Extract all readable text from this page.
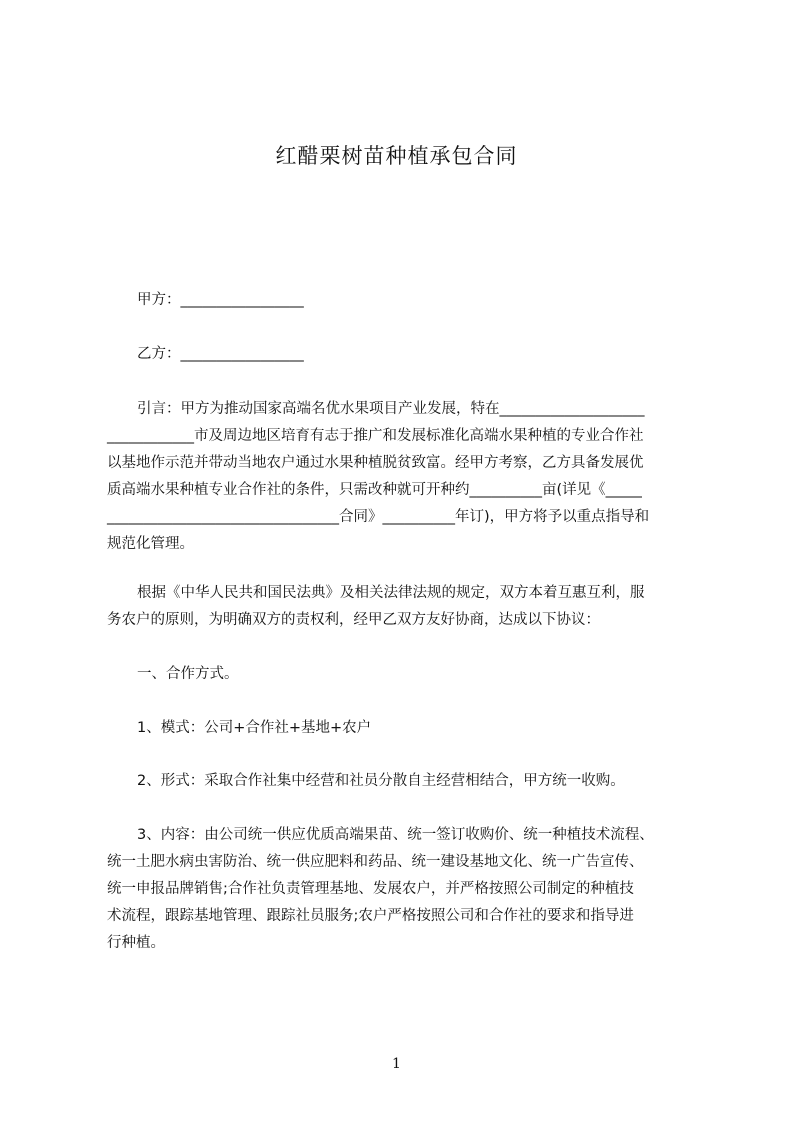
红醋栗树苗种植承包合同
甲方：_________________
乙方：_________________
引言：甲方为推动国家高端名优水果项目产业发展，特在____________________
____________市及周边地区培育有志于推广和发展标准化高端水果种植的专业合作社
以基地作示范并带动当地农户通过水果种植脱贫致富。经甲方考察，乙方具备发展优
质高端水果种植专业合作社的条件，只需改种就可开种约__________亩(详见《_____
________________________________合同》__________年订)，甲方将予以重点指导和
规范化管理。
根据《中华人民共和国民法典》及相关法律法规的规定，双方本着互惠互利，服
务农户的原则，为明确双方的责权利，经甲乙双方友好协商，达成以下协议：
一、合作方式。
1、模式：公司+合作社+基地+农户
2、形式：采取合作社集中经营和社员分散自主经营相结合，甲方统一收购。
3、内容：由公司统一供应优质高端果苗、统一签订收购价、统一种植技术流程、
统一土肥水病虫害防治、统一供应肥料和药品、统一建设基地文化、统一广告宣传、
统一申报品牌销售;合作社负责管理基地、发展农户，并严格按照公司制定的种植技
术流程，跟踪基地管理、跟踪社员服务;农户严格按照公司和合作社的要求和指导进
行种植。
1
